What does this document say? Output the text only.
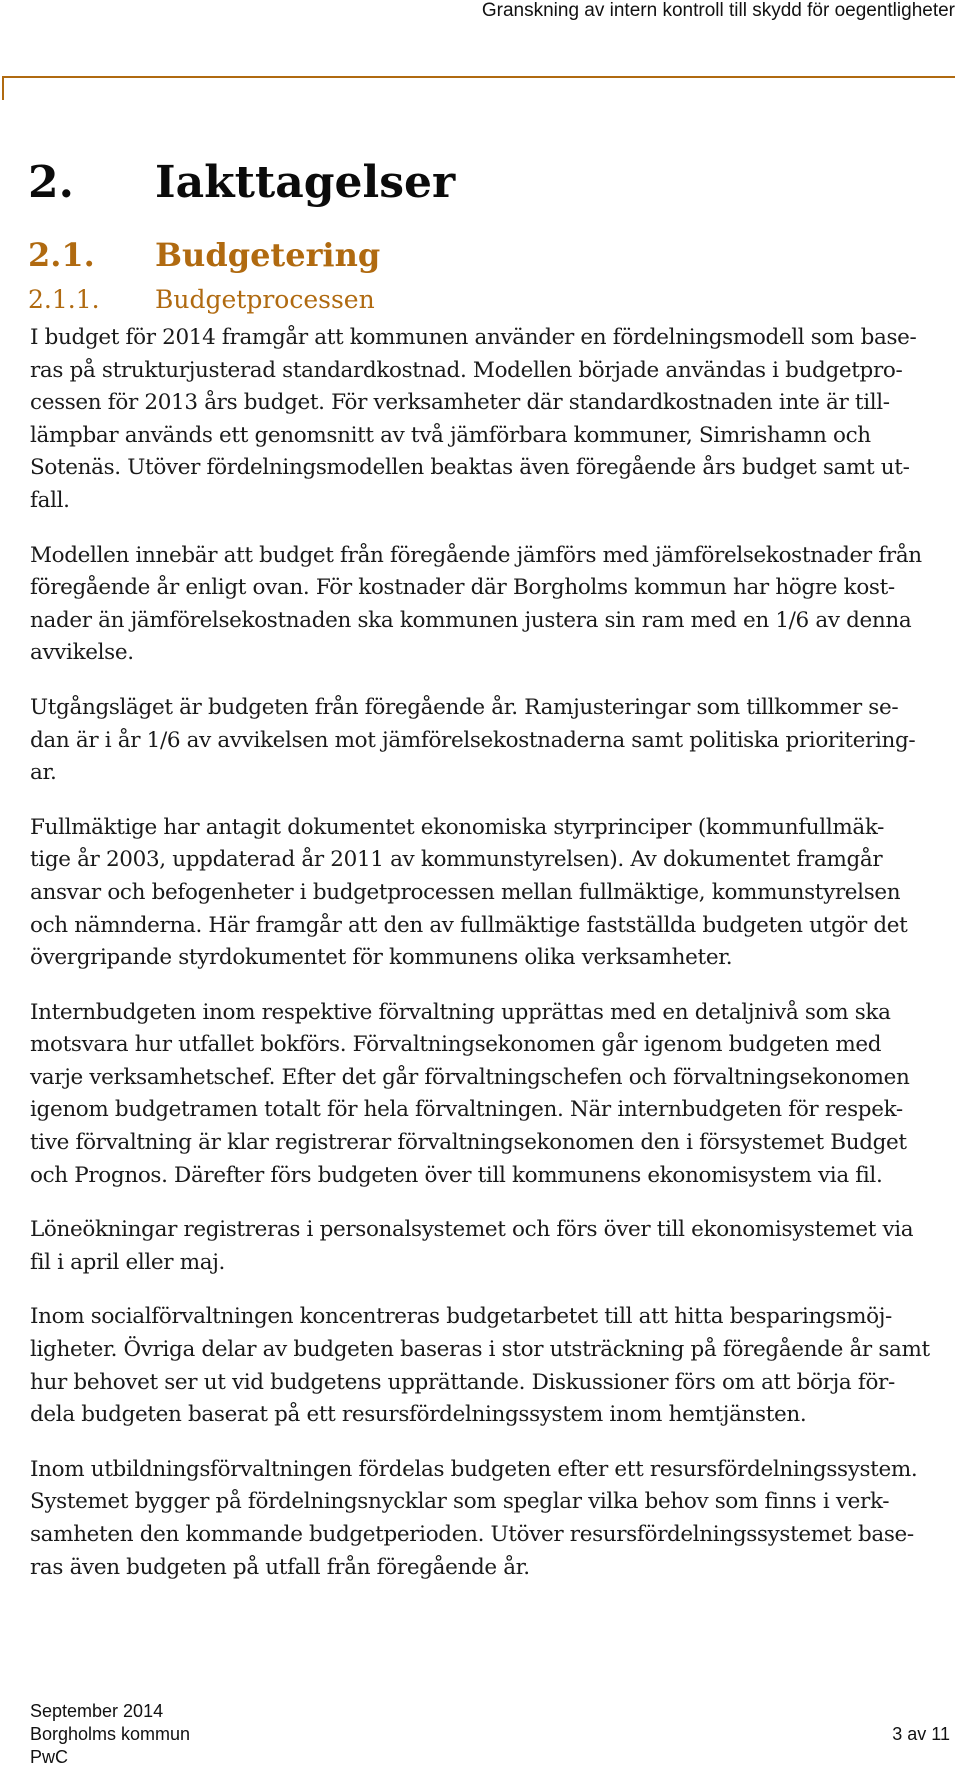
Granskning av intern kontroll till skydd för oegentligheter
2. Iakttagelser
2.1. Budgetering
2.1.1. Budgetprocessen
I budget för 2014 framgår att kommunen använder en fördelningsmodell som base-
ras på strukturjusterad standardkostnad. Modellen började användas i budgetpro-
cessen för 2013 års budget. För verksamheter där standardkostnaden inte är till-
lämpbar används ett genomsnitt av två jämförbara kommuner, Simrishamn och
Sotenäs. Utöver fördelningsmodellen beaktas även föregående års budget samt ut-
fall.
Modellen innebär att budget från föregående jämförs med jämförelsekostnader från
föregående år enligt ovan. För kostnader där Borgholms kommun har högre kost-
nader än jämförelsekostnaden ska kommunen justera sin ram med en 1/6 av denna
avvikelse.
Utgångsläget är budgeten från föregående år. Ramjusteringar som tillkommer se-
dan är i år 1/6 av avvikelsen mot jämförelsekostnaderna samt politiska prioritering-
ar.
Fullmäktige har antagit dokumentet ekonomiska styrprinciper (kommunfullmäk-
tige år 2003, uppdaterad år 2011 av kommunstyrelsen). Av dokumentet framgår
ansvar och befogenheter i budgetprocessen mellan fullmäktige, kommunstyrelsen
och nämnderna. Här framgår att den av fullmäktige fastställda budgeten utgör det
övergripande styrdokumentet för kommunens olika verksamheter.
Internbudgeten inom respektive förvaltning upprättas med en detaljnivå som ska
motsvara hur utfallet bokförs. Förvaltningsekonomen går igenom budgeten med
varje verksamhetschef. Efter det går förvaltningschefen och förvaltningsekonomen
igenom budgetramen totalt för hela förvaltningen. När internbudgeten för respek-
tive förvaltning är klar registrerar förvaltningsekonomen den i försystemet Budget
och Prognos. Därefter förs budgeten över till kommunens ekonomisystem via fil.
Löneökningar registreras i personalsystemet och förs över till ekonomisystemet via
fil i april eller maj.
Inom socialförvaltningen koncentreras budgetarbetet till att hitta besparingsmöj-
ligheter. Övriga delar av budgeten baseras i stor utsträckning på föregående år samt
hur behovet ser ut vid budgetens upprättande. Diskussioner förs om att börja för-
dela budgeten baserat på ett resursfördelningssystem inom hemtjänsten.
Inom utbildningsförvaltningen fördelas budgeten efter ett resursfördelningssystem.
Systemet bygger på fördelningsnycklar som speglar vilka behov som finns i verk-
samheten den kommande budgetperioden. Utöver resursfördelningssystemet base-
ras även budgeten på utfall från föregående år.
September 2014
Borgholms kommun
PwC
3 av 11
